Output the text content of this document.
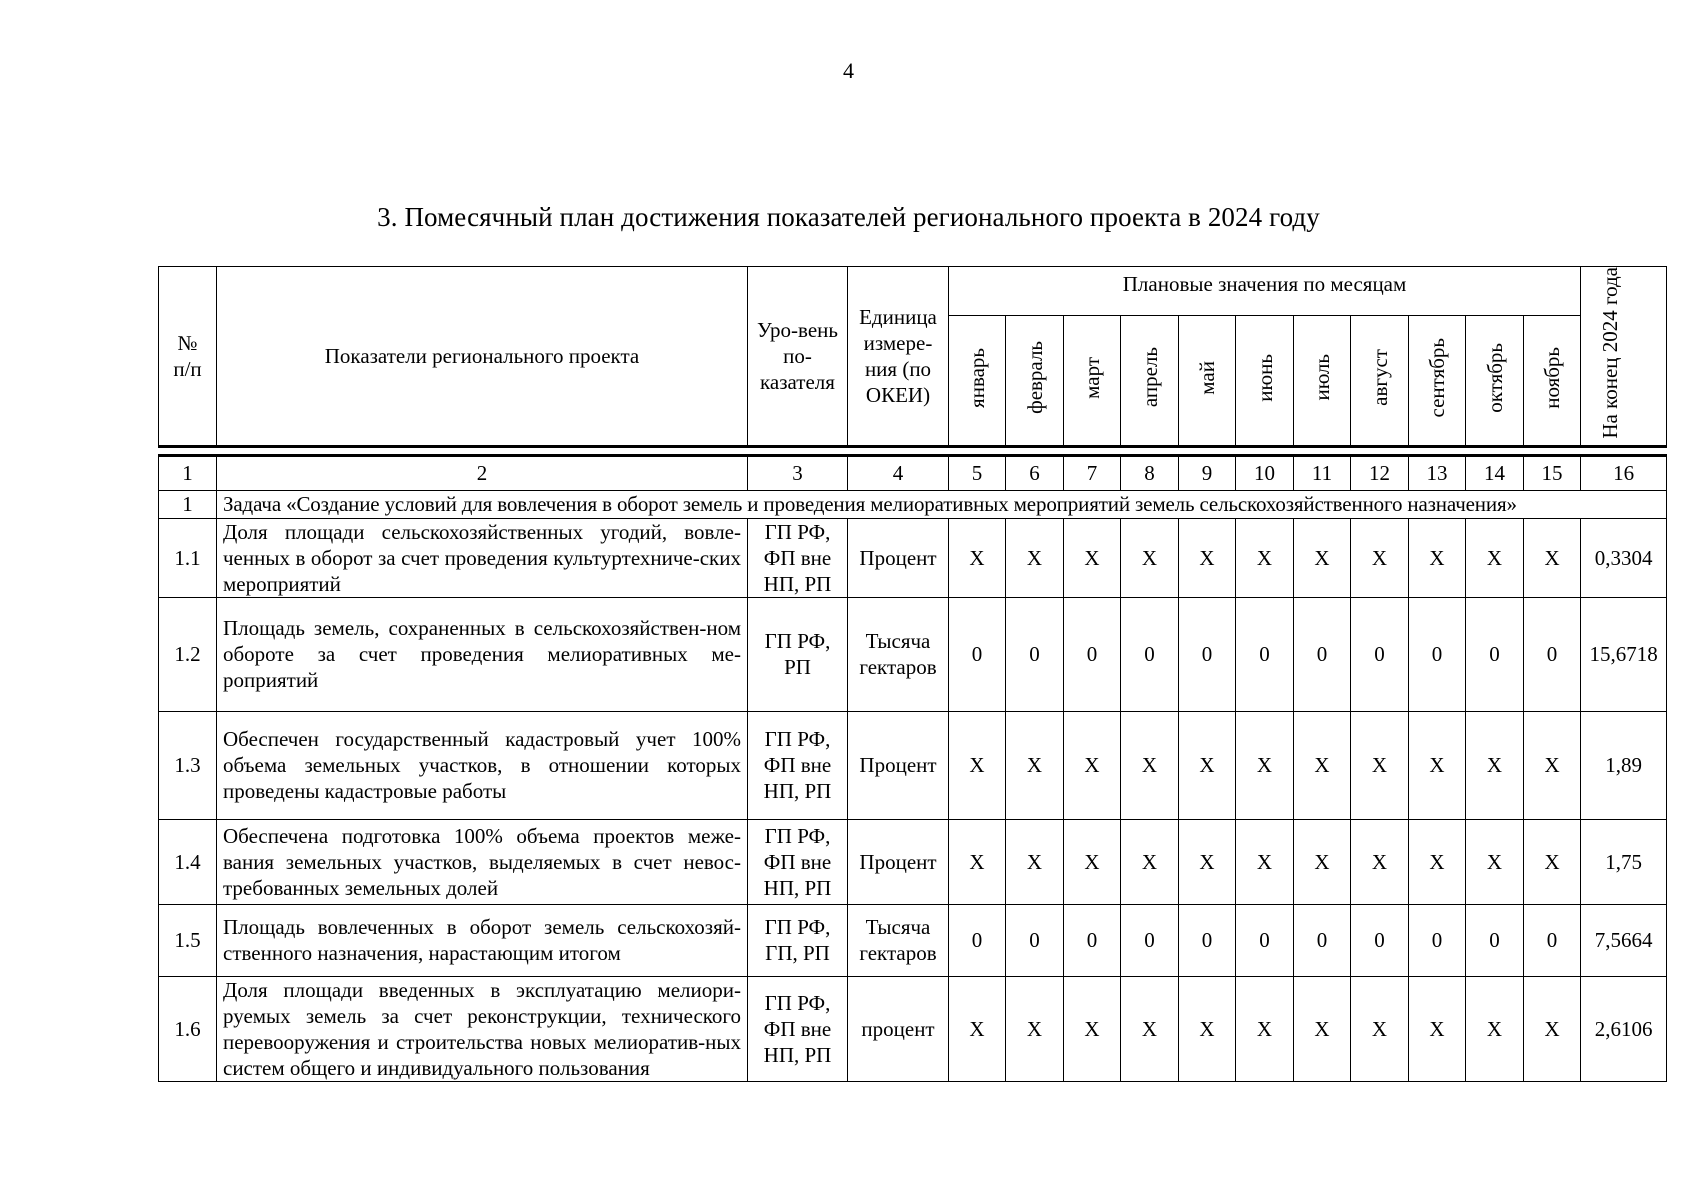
4
3. Помесячный план достижения показателей регионального проекта в 2024 году
№ п/п	Показатели регионального проекта	Уро-вень по-казателя	Единица измере-ния (по ОКЕИ)	Плановые значения по месяцам											На конец 2024 года
				январь	февраль	март	апрель	май	июнь	июль	август	сентябрь	октябрь	ноябрь	

1	2	3	4	5	6	7	8	9	10	11	12	13	14	15	16
1	Задача «Создание условий для вовлечения в оборот земель и проведения мелиоративных мероприятий земель сельскохозяйственного назначения»														
1.1	Доля площади сельскохозяйственных угодий, вовле-ченных в оборот за счет проведения культуртехниче-ских мероприятий	ГП РФ, ФП вне НП, РП	Процент	X	X	X	X	X	X	X	X	X	X	X	0,3304
1.2	Площадь земель, сохраненных в сельскохозяйствен-ном обороте за счет проведения мелиоративных ме-роприятий	ГП РФ, РП	Тысяча гектаров	0	0	0	0	0	0	0	0	0	0	0	15,6718
1.3	Обеспечен государственный кадастровый учет 100% объема земельных участков, в отношении которых проведены кадастровые работы	ГП РФ, ФП вне НП, РП	Процент	X	X	X	X	X	X	X	X	X	X	X	1,89
1.4	Обеспечена подготовка 100% объема проектов меже-вания земельных участков, выделяемых в счет невос-требованных земельных долей	ГП РФ, ФП вне НП, РП	Процент	X	X	X	X	X	X	X	X	X	X	X	1,75
1.5	Площадь вовлеченных в оборот земель сельскохозяй-ственного назначения, нарастающим итогом	ГП РФ, ГП, РП	Тысяча гектаров	0	0	0	0	0	0	0	0	0	0	0	7,5664
1.6	Доля площади введенных в эксплуатацию мелиори-руемых земель за счет реконструкции, технического перевооружения и строительства новых мелиоратив-ных систем общего и индивидуального пользования	ГП РФ, ФП вне НП, РП	процент	X	X	X	X	X	X	X	X	X	X	X	2,6106
